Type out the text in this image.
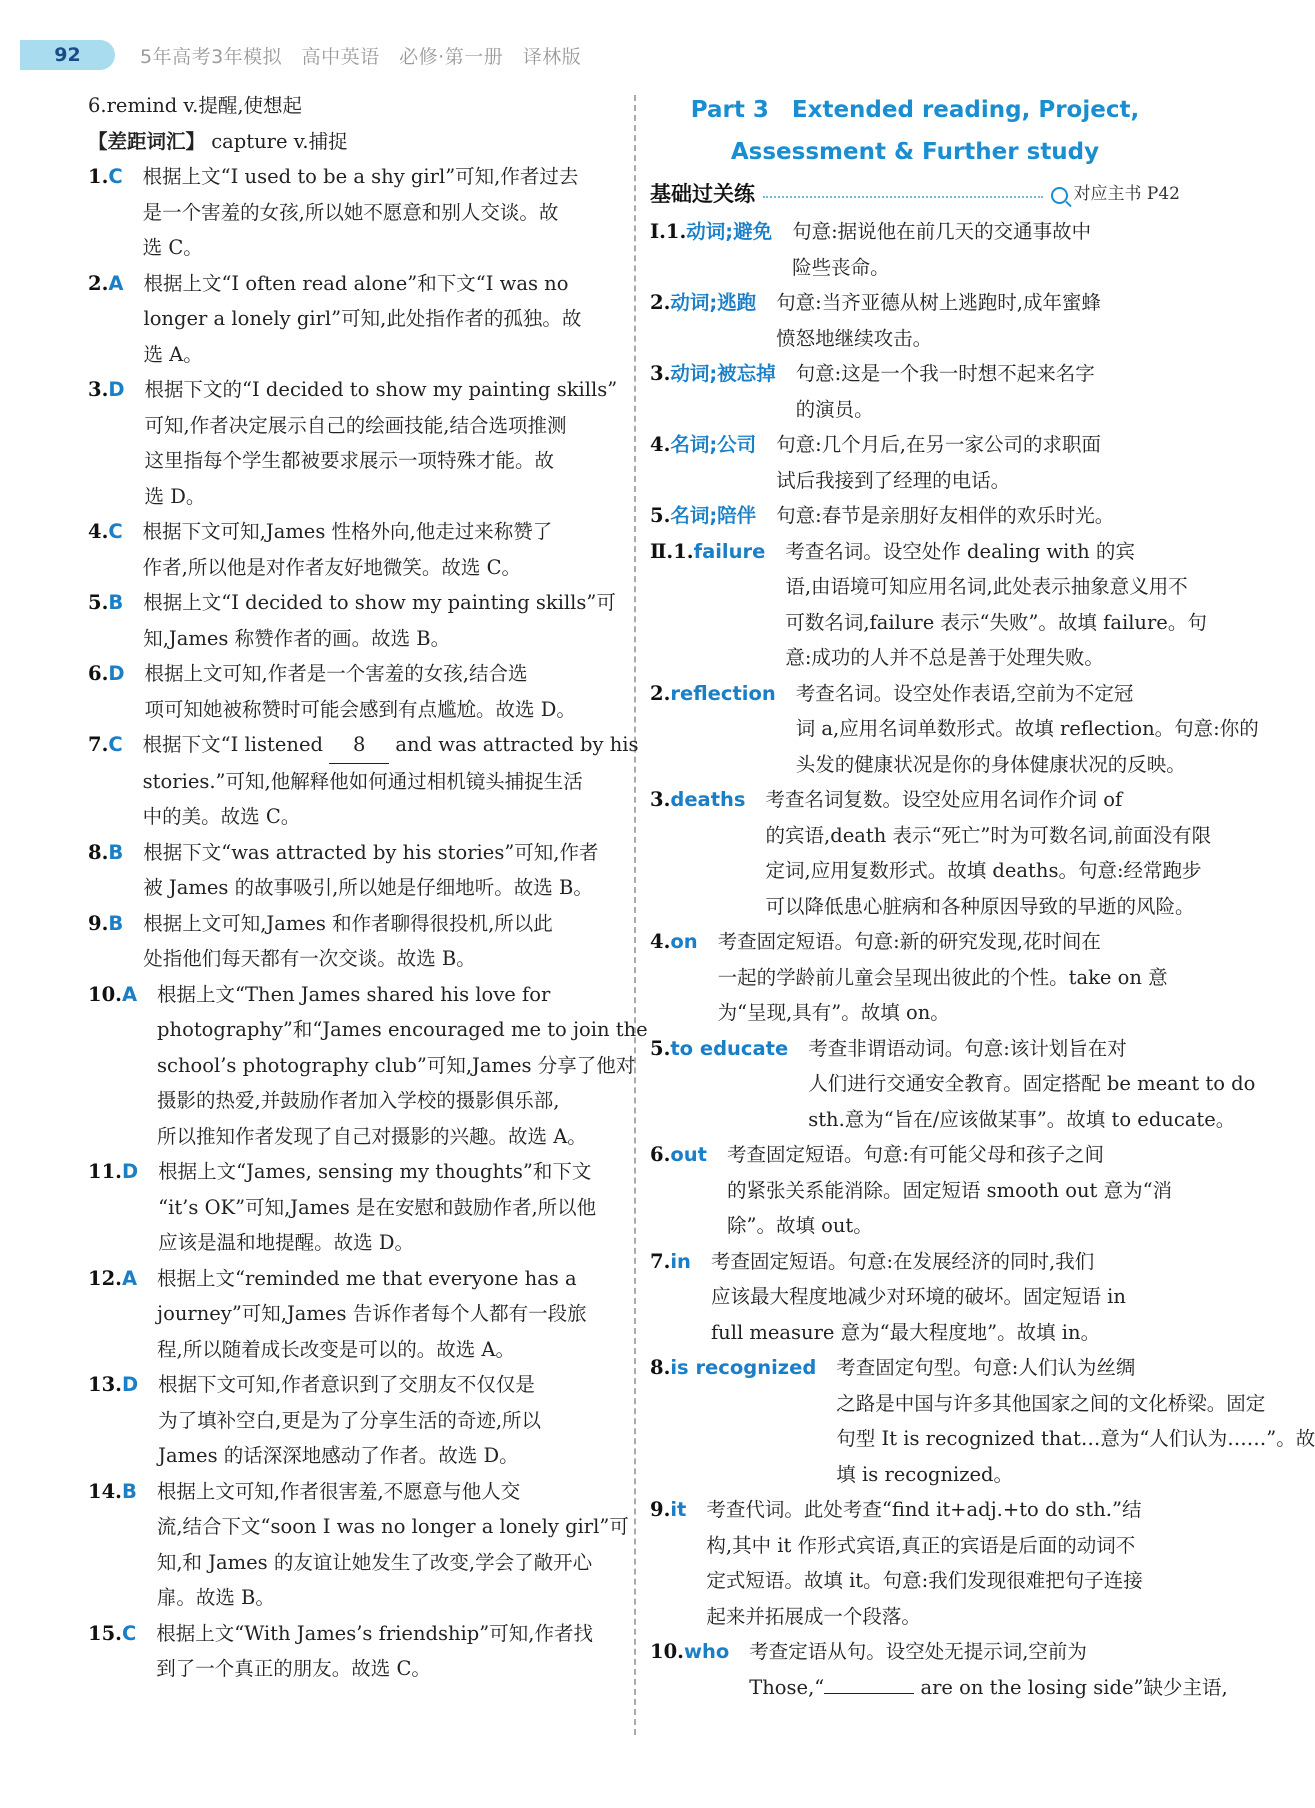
92	5年高考3年模拟　高中英语　必修·第一册　译林版
6.remind v.提醒,使想起
【差距词汇】 capture v.捕捉
1.C	根据上文“I used to be a shy girl”可知,作者过去
是一个害羞的女孩,所以她不愿意和别人交谈。故
选 C。
2.A	根据上文“I often read alone”和下文“I was no
longer a lonely girl”可知,此处指作者的孤独。故
选 A。
3.D	根据下文的“I decided to show my painting skills”
可知,作者决定展示自己的绘画技能,结合选项推测
这里指每个学生都被要求展示一项特殊才能。故
选 D。
4.C	根据下文可知,James 性格外向,他走过来称赞了
作者,所以他是对作者友好地微笑。故选 C。
5.B	根据上文“I decided to show my painting skills”可
知,James 称赞作者的画。故选 B。
6.D	根据上文可知,作者是一个害羞的女孩,结合选
项可知她被称赞时可能会感到有点尴尬。故选 D。
7.C	根据下文“I listened 8 and was attracted by his
stories.”可知,他解释他如何通过相机镜头捕捉生活
中的美。故选 C。
8.B	根据下文“was attracted by his stories”可知,作者
被 James 的故事吸引,所以她是仔细地听。故选 B。
9.B	根据上文可知,James 和作者聊得很投机,所以此
处指他们每天都有一次交谈。故选 B。
10.A	根据上文“Then James shared his love for
photography”和“James encouraged me to join the
school’s photography club”可知,James 分享了他对
摄影的热爱,并鼓励作者加入学校的摄影俱乐部,
所以推知作者发现了自己对摄影的兴趣。故选 A。
11.D	根据上文“James, sensing my thoughts”和下文
“it’s OK”可知,James 是在安慰和鼓励作者,所以他
应该是温和地提醒。故选 D。
12.A	根据上文“reminded me that everyone has a
journey”可知,James 告诉作者每个人都有一段旅
程,所以随着成长改变是可以的。故选 A。
13.D	根据下文可知,作者意识到了交朋友不仅仅是
为了填补空白,更是为了分享生活的奇迹,所以
James 的话深深地感动了作者。故选 D。
14.B	根据上文可知,作者很害羞,不愿意与他人交
流,结合下文“soon I was no longer a lonely girl”可
知,和 James 的友谊让她发生了改变,学会了敞开心
扉。故选 B。
15.C	根据上文“With James’s friendship”可知,作者找
到了一个真正的朋友。故选 C。
Part 3　Extended reading, Project,
Assessment & Further study
基础过关练	对应主书 P42
Ⅰ.1.动词;避免	句意:据说他在前几天的交通事故中
险些丧命。
2.动词;逃跑	句意:当齐亚德从树上逃跑时,成年蜜蜂
愤怒地继续攻击。
3.动词;被忘掉	句意:这是一个我一时想不起来名字
的演员。
4.名词;公司	句意:几个月后,在另一家公司的求职面
试后我接到了经理的电话。
5.名词;陪伴	句意:春节是亲朋好友相伴的欢乐时光。
Ⅱ.1.failure	考查名词。设空处作 dealing with 的宾
语,由语境可知应用名词,此处表示抽象意义用不
可数名词,failure 表示“失败”。故填 failure。句
意:成功的人并不总是善于处理失败。
2.reflection	考查名词。设空处作表语,空前为不定冠
词 a,应用名词单数形式。故填 reflection。句意:你的
头发的健康状况是你的身体健康状况的反映。
3.deaths	考查名词复数。设空处应用名词作介词 of
的宾语,death 表示“死亡”时为可数名词,前面没有限
定词,应用复数形式。故填 deaths。句意:经常跑步
可以降低患心脏病和各种原因导致的早逝的风险。
4.on	考查固定短语。句意:新的研究发现,花时间在
一起的学龄前儿童会呈现出彼此的个性。take on 意
为“呈现,具有”。故填 on。
5.to educate	考查非谓语动词。句意:该计划旨在对
人们进行交通安全教育。固定搭配 be meant to do
sth.意为“旨在/应该做某事”。故填 to educate。
6.out	考查固定短语。句意:有可能父母和孩子之间
的紧张关系能消除。固定短语 smooth out 意为“消
除”。故填 out。
7.in	考查固定短语。句意:在发展经济的同时,我们
应该最大程度地减少对环境的破坏。固定短语 in
full measure 意为“最大程度地”。故填 in。
8.is recognized	考查固定句型。句意:人们认为丝绸
之路是中国与许多其他国家之间的文化桥梁。固定
句型 It is recognized that…意为“人们认为……”。故
填 is recognized。
9.it	考查代词。此处考查“find it+adj.+to do sth.”结
构,其中 it 作形式宾语,真正的宾语是后面的动词不
定式短语。故填 it。句意:我们发现很难把句子连接
起来并拓展成一个段落。
10.who	考查定语从句。设空处无提示词,空前为
Those,“	are on the losing side”缺少主语,
